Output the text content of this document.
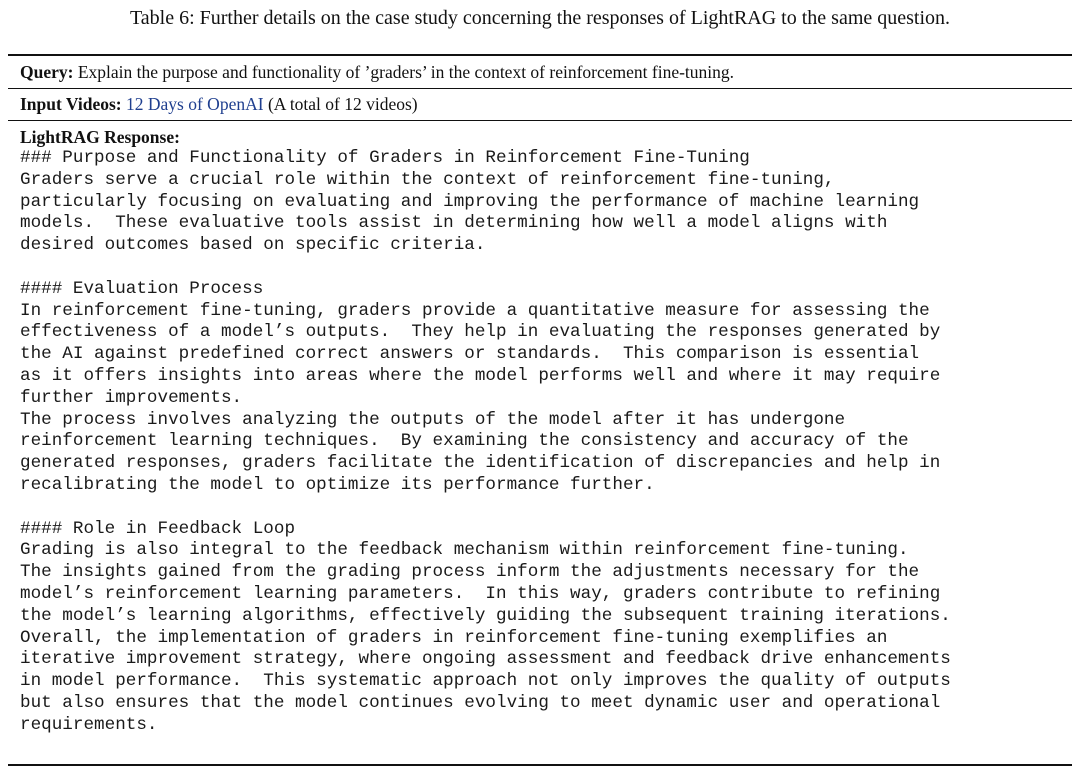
Table 6: Further details on the case study concerning the responses of LightRAG to the same question.
Query: Explain the purpose and functionality of ’graders’ in the context of reinforcement fine-tuning.
Input Videos: 12 Days of OpenAI (A total of 12 videos)
LightRAG Response:
### Purpose and Functionality of Graders in Reinforcement Fine-Tuning
Graders serve a crucial role within the context of reinforcement fine-tuning,
particularly focusing on evaluating and improving the performance of machine learning
models.  These evaluative tools assist in determining how well a model aligns with
desired outcomes based on specific criteria.
#### Evaluation Process
In reinforcement fine-tuning, graders provide a quantitative measure for assessing the
effectiveness of a model’s outputs.  They help in evaluating the responses generated by
the AI against predefined correct answers or standards.  This comparison is essential
as it offers insights into areas where the model performs well and where it may require
further improvements.
The process involves analyzing the outputs of the model after it has undergone
reinforcement learning techniques.  By examining the consistency and accuracy of the
generated responses, graders facilitate the identification of discrepancies and help in
recalibrating the model to optimize its performance further.
#### Role in Feedback Loop
Grading is also integral to the feedback mechanism within reinforcement fine-tuning.
The insights gained from the grading process inform the adjustments necessary for the
model’s reinforcement learning parameters.  In this way, graders contribute to refining
the model’s learning algorithms, effectively guiding the subsequent training iterations.
Overall, the implementation of graders in reinforcement fine-tuning exemplifies an
iterative improvement strategy, where ongoing assessment and feedback drive enhancements
in model performance.  This systematic approach not only improves the quality of outputs
but also ensures that the model continues evolving to meet dynamic user and operational
requirements.
